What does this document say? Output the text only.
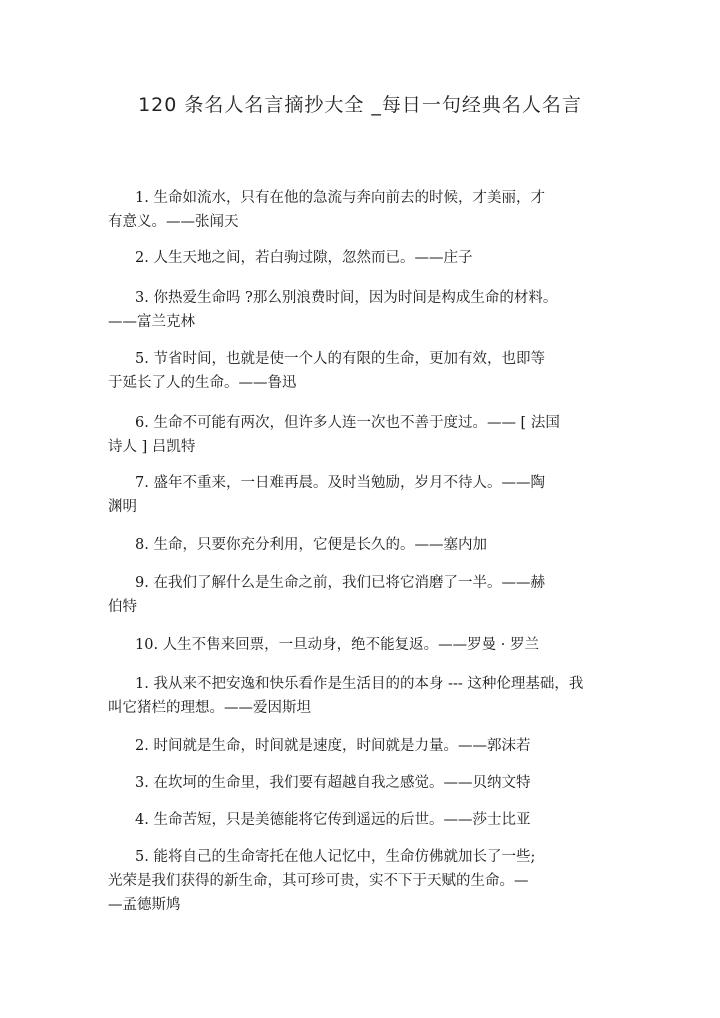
120 条名人名言摘抄大全 _每日一句经典名人名言
1. 生命如流水，只有在他的急流与奔向前去的时候，才美丽，才
有意义。——张闻天
2. 人生天地之间，若白驹过隙，忽然而已。——庄子
3. 你热爱生命吗 ?那么别浪费时间，因为时间是构成生命的材料。
——富兰克林
5. 节省时间，也就是使一个人的有限的生命，更加有效，也即等
于延长了人的生命。——鲁迅
6. 生命不可能有两次，但许多人连一次也不善于度过。—— [ 法国
诗人 ] 吕凯特
7. 盛年不重来，一日难再晨。及时当勉励，岁月不待人。——陶
渊明
8. 生命，只要你充分利用，它便是长久的。——塞内加
9. 在我们了解什么是生命之前，我们已将它消磨了一半。——赫
伯特
10. 人生不售来回票，一旦动身，绝不能复返。——罗曼 · 罗兰
1. 我从来不把安逸和快乐看作是生活目的的本身 --- 这种伦理基础，我
叫它猪栏的理想。——爱因斯坦
2. 时间就是生命，时间就是速度，时间就是力量。——郭沫若
3. 在坎坷的生命里，我们要有超越自我之感觉。——贝纳文特
4. 生命苦短，只是美德能将它传到遥远的后世。——莎士比亚
5. 能将自己的生命寄托在他人记忆中，生命仿佛就加长了一些;
光荣是我们获得的新生命，其可珍可贵，实不下于天赋的生命。—
—孟德斯鸠
